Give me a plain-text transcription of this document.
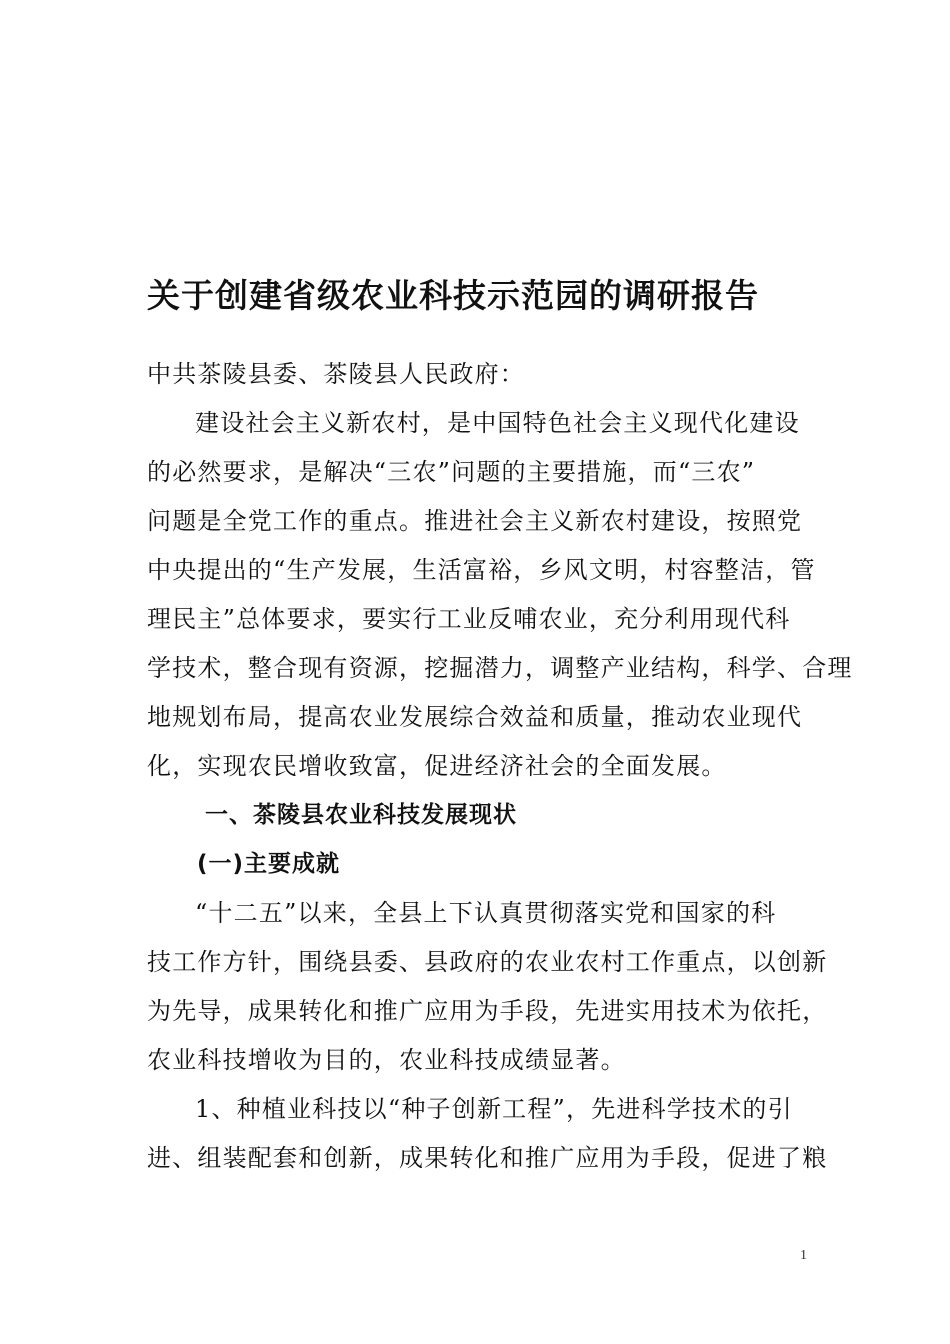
关于创建省级农业科技示范园的调研报告
中共茶陵县委、茶陵县人民政府：
建设社会主义新农村，是中国特色社会主义现代化建设
的必然要求，是解决“三农”问题的主要措施，而“三农”
问题是全党工作的重点。推进社会主义新农村建设，按照党
中央提出的“生产发展，生活富裕，乡风文明，村容整洁，管
理民主”总体要求，要实行工业反哺农业，充分利用现代科
学技术，整合现有资源，挖掘潜力，调整产业结构，科学、合理
地规划布局，提高农业发展综合效益和质量，推动农业现代
化，实现农民增收致富，促进经济社会的全面发展。
一、茶陵县农业科技发展现状
(一)主要成就
“十二五”以来，全县上下认真贯彻落实党和国家的科
技工作方针，围绕县委、县政府的农业农村工作重点，以创新
为先导，成果转化和推广应用为手段，先进实用技术为依托，
农业科技增收为目的，农业科技成绩显著。
1、种植业科技以“种子创新工程”，先进科学技术的引
进、组装配套和创新，成果转化和推广应用为手段，促进了粮
1
